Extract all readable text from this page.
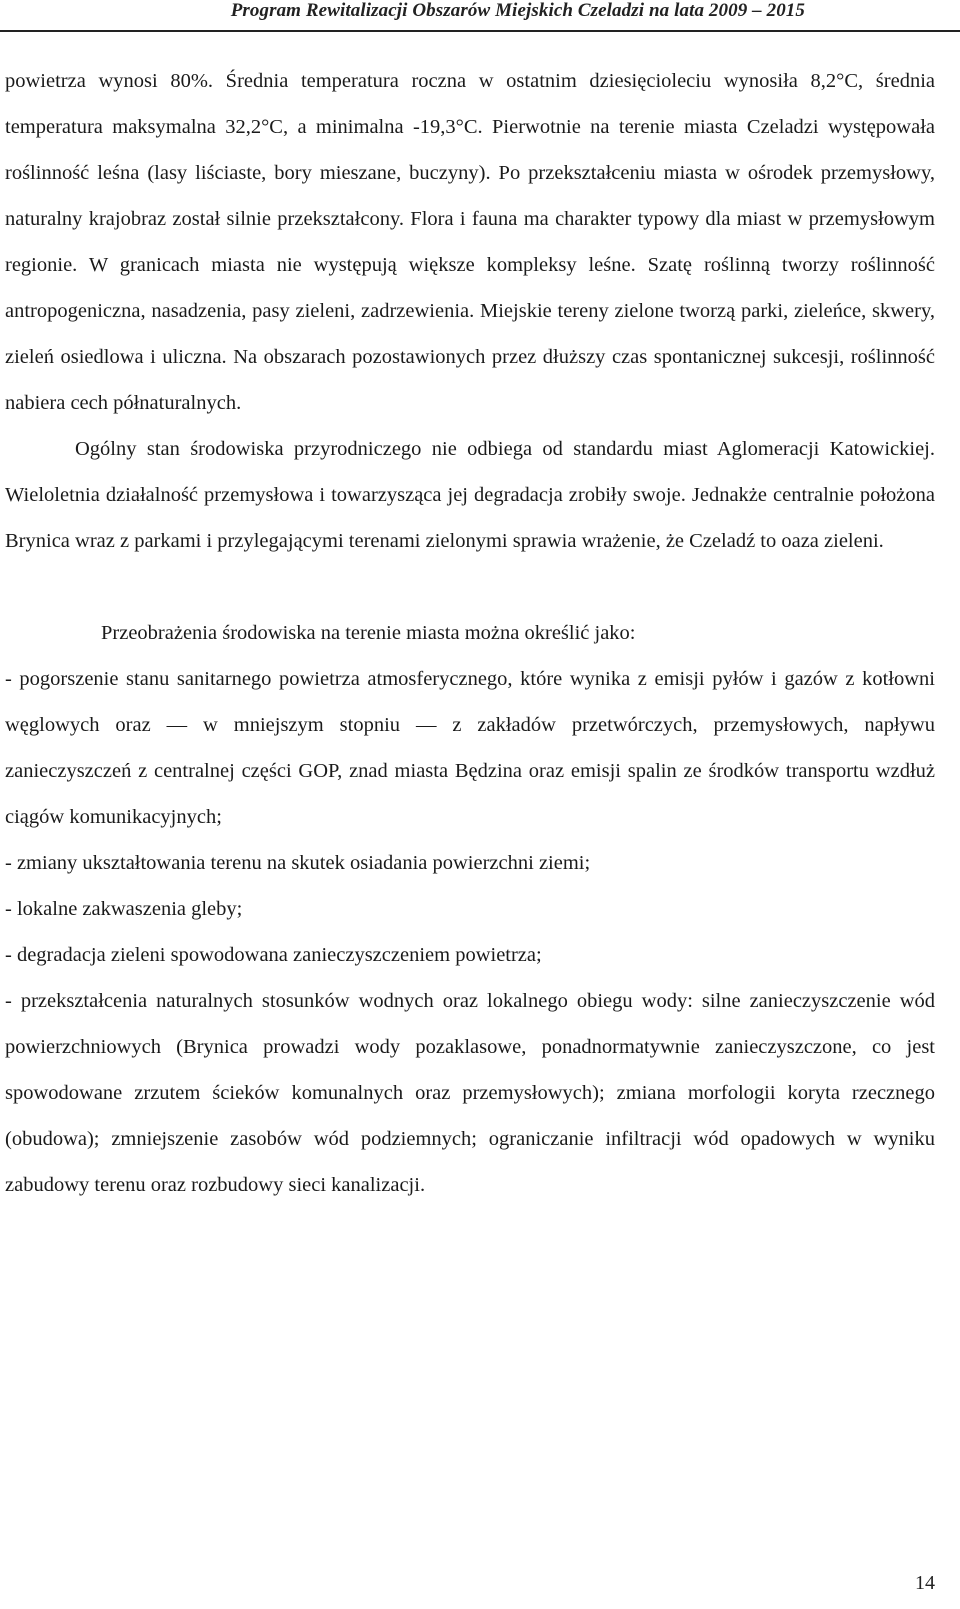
Program Rewitalizacji Obszarów Miejskich Czeladzi na lata 2009 – 2015

powietrza wynosi 80%. Średnia temperatura roczna w ostatnim dziesięcioleciu wynosiła 8,2°C, średnia temperatura maksymalna 32,2°C, a minimalna -19,3°C. Pierwotnie na terenie miasta Czeladzi występowała roślinność leśna (lasy liściaste, bory mieszane, buczyny). Po przekształceniu miasta w ośrodek przemysłowy, naturalny krajobraz został silnie przekształcony. Flora i fauna ma charakter typowy dla miast w przemysłowym regionie. W granicach miasta nie występują większe kompleksy leśne. Szatę roślinną tworzy roślinność antropogeniczna, nasadzenia, pasy zieleni, zadrzewienia. Miejskie tereny zielone tworzą parki, zieleńce, skwery, zieleń osiedlowa i uliczna. Na obszarach pozostawionych przez dłuższy czas spontanicznej sukcesji, roślinność nabiera cech półnaturalnych.

Ogólny stan środowiska przyrodniczego nie odbiega od standardu miast Aglomeracji Katowickiej. Wieloletnia działalność przemysłowa i towarzysząca jej degradacja zrobiły swoje. Jednakże centralnie położona Brynica wraz z parkami i przylegającymi terenami zielonymi sprawia wrażenie, że Czeladź to oaza zieleni.

Przeobrażenia środowiska na terenie miasta można określić jako:

- pogorszenie stanu sanitarnego powietrza atmosferycznego, które wynika z emisji pyłów i gazów z kotłowni węglowych oraz — w mniejszym stopniu — z zakładów przetwórczych, przemysłowych, napływu zanieczyszczeń z centralnej części GOP, znad miasta Będzina oraz emisji spalin ze środków transportu wzdłuż ciągów komunikacyjnych;

- zmiany ukształtowania terenu na skutek osiadania powierzchni ziemi;

- lokalne zakwaszenia gleby;

- degradacja zieleni spowodowana zanieczyszczeniem powietrza;

- przekształcenia naturalnych stosunków wodnych oraz lokalnego obiegu wody: silne zanieczyszczenie wód powierzchniowych (Brynica prowadzi wody pozaklasowe, ponadnormatywnie zanieczyszczone, co jest spowodowane zrzutem ścieków komunalnych oraz przemysłowych); zmiana morfologii koryta rzecznego (obudowa); zmniejszenie zasobów wód podziemnych; ograniczanie infiltracji wód opadowych w wyniku zabudowy terenu oraz rozbudowy sieci kanalizacji.

14
